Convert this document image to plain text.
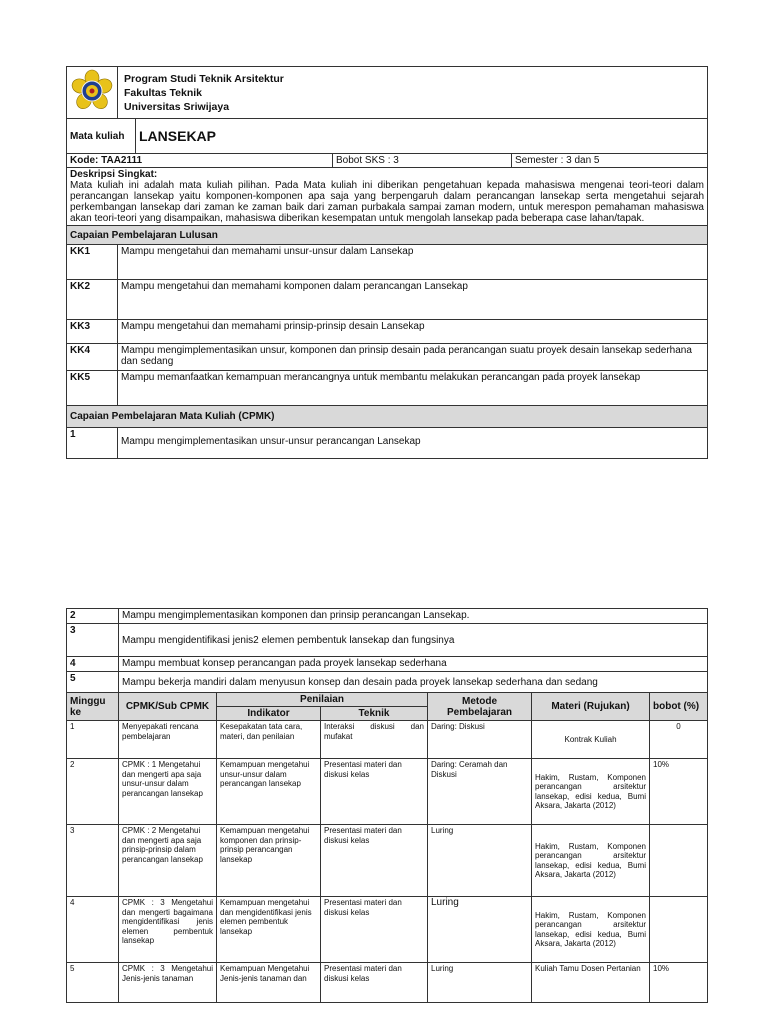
Program Studi Teknik Arsitektur
Fakultas Teknik
Universitas Sriwijaya			

Mata kuliah		LANSEKAP		
Kode: TAA2111			Bobot SKS : 3	Semester : 3 dan 5

Deskripsi Singkat:
Mata kuliah ini adalah mata kuliah pilihan. Pada Mata kuliah ini diberikan pengetahuan kepada mahasiswa mengenai teori-teori dalam perancangan lansekap yaitu komponen-komponen apa saja yang berpengaruh dalam perancangan lansekap serta mengetahui sejarah perkembangan lansekap dari zaman ke zaman baik dari zaman purbakala sampai zaman modern, untuk merespon pemahaman mahasiswa akan teori-teori yang disampaikan, mahasiswa diberikan kesempatan untuk mengolah lansekap pada beberapa case lahan/tapak.				

Capaian Pembelajaran Lulusan				
KK1	Mampu mengetahui dan memahami unsur-unsur dalam Lansekap			
KK2	Mampu mengetahui dan memahami komponen dalam perancangan Lansekap			
KK3	Mampu mengetahui dan memahami prinsip-prinsip desain Lansekap			
KK4	Mampu mengimplementasikan unsur, komponen dan prinsip desain pada perancangan suatu proyek desain lansekap sederhana dan sedang			
KK5	Mampu memanfaatkan kemampuan merancangnya untuk membantu melakukan perancangan pada proyek lansekap			
Capaian Pembelajaran Mata Kuliah (CPMK)				
1	Mampu mengimplementasikan unsur-unsur perancangan Lansekap			
2	Mampu mengimplementasikan komponen dan prinsip perancangan Lansekap.					
3	Mampu mengidentifikasi jenis2 elemen pembentuk lansekap dan fungsinya					
4	Mampu membuat konsep perancangan pada proyek lansekap sederhana					
5	Mampu bekerja mandiri dalam menyusun konsep dan desain pada proyek lansekap sederhana dan sedang					
Minggu ke	CPMK/Sub CPMK	Penilaian		Metode Pembelajaran	Materi (Rujukan)	bobot (%)
		Indikator	Teknik			
1	Menyepakati rencana pembelajaran	Kesepakatan tata cara, materi, dan penilaian	Interaksi diskusi dan mufakat	Daring: Diskusi	Kontrak Kuliah	0
2	CPMK : 1 Mengetahui dan mengerti apa saja unsur-unsur dalam perancangan lansekap	Kemampuan mengetahui unsur-unsur dalam perancangan lansekap	Presentasi materi dan diskusi kelas	Daring: Ceramah dan Diskusi	Hakim, Rustam, Komponen perancangan arsitektur lansekap, edisi kedua, Bumi Aksara, Jakarta (2012)	10%
3	CPMK : 2 Mengetahui dan mengerti apa saja prinsip-prinsip dalam perancangan lansekap	Kemampuan mengetahui komponen dan prinsip-prinsip perancangan lansekap	Presentasi materi dan diskusi kelas	Luring	Hakim, Rustam, Komponen perancangan arsitektur lansekap, edisi kedua, Bumi Aksara, Jakarta (2012)	
4	CPMK : 3 Mengetahui dan mengerti bagaimana mengidentifikasi jenis elemen pembentuk lansekap	Kemampuan mengetahui dan mengidentifikasi jenis elemen pembentuk lansekap	Presentasi materi dan diskusi kelas	Luring	Hakim, Rustam, Komponen perancangan arsitektur lansekap, edisi kedua, Bumi Aksara, Jakarta (2012)	
5	CPMK : 3 Mengetahui Jenis-jenis tanaman	Kemampuan Mengetahui Jenis-jenis tanaman dan	Presentasi materi dan diskusi kelas	Luring	Kuliah Tamu Dosen Pertanian	10%
